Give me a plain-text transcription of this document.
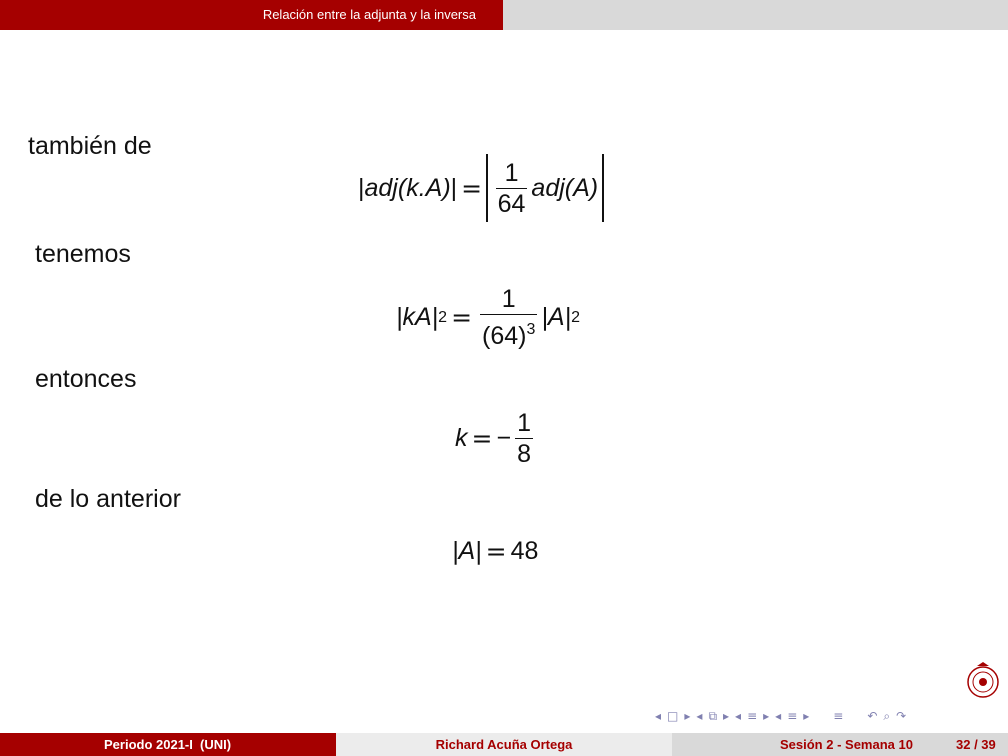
Relación entre la adjunta y la inversa
también de
| adj (k.A) | = $\frac{1}{64}$ adj (A)
tenemos
|kA| $2 = \frac{1}{(64)^3} |A|$ 2
entonces
k = − $\frac{1}{8}$
de lo anterior
|A| = 48
◂ □ ▸ ◂ ⧉ ▸ ◂ ≡ ▸ ◂ ≡ ▸ ≡ ↶ ⌕ ↷
Periodo 2021-I (UNI)	Richard Acuña Ortega	Sesión 2 - Semana 10	32 / 39
